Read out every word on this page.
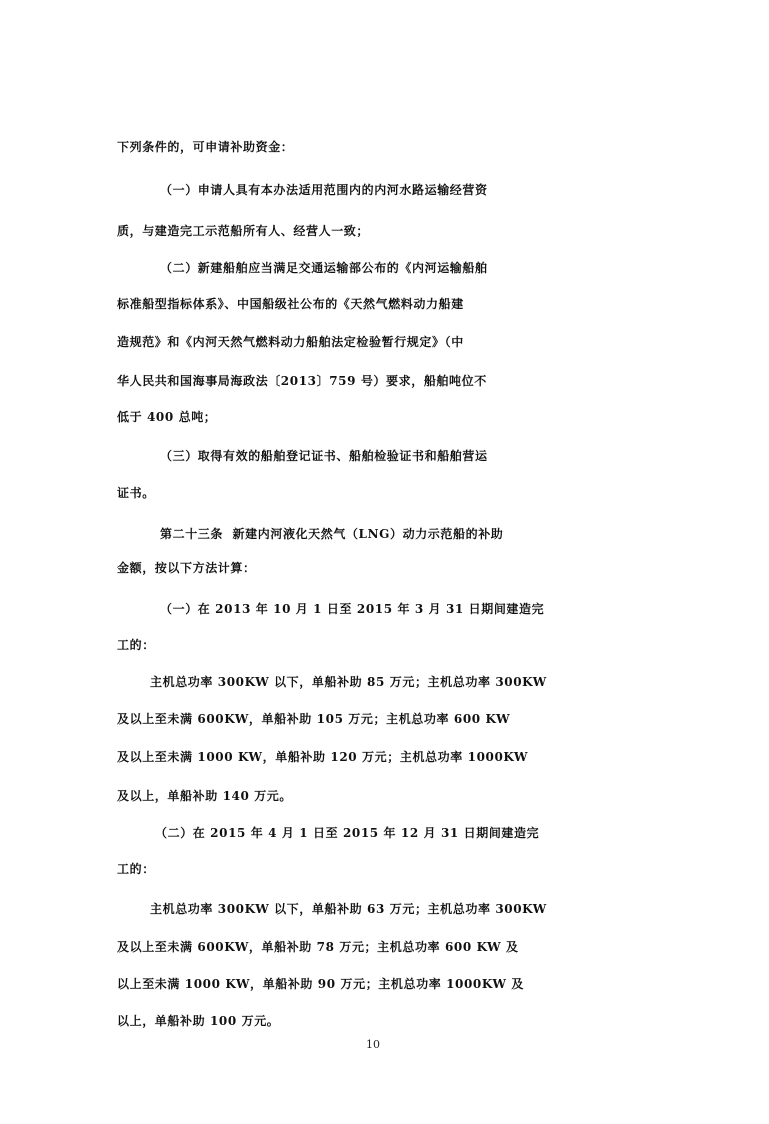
下列条件的，可申请补助资金：
（一）申请人具有本办法适用范围内的内河水路运输经营资
质，与建造完工示范船所有人、经营人一致；
（二）新建船舶应当满足交通运输部公布的《内河运输船舶
标准船型指标体系》、中国船级社公布的《天然气燃料动力船建
造规范》和《内河天然气燃料动力船舶法定检验暂行规定》（中
华人民共和国海事局海政法〔2013〕759 号）要求，船舶吨位不
低于 400 总吨；
（三）取得有效的船舶登记证书、船舶检验证书和船舶营运
证书。
第二十三条  新建内河液化天然气（LNG）动力示范船的补助
金额，按以下方法计算：
（一）在 2013 年 10 月 1 日至 2015 年 3 月 31 日期间建造完
工的：
主机总功率 300KW 以下，单船补助 85 万元；主机总功率 300KW
及以上至未满 600KW，单船补助 105 万元；主机总功率 600 KW
及以上至未满 1000 KW，单船补助 120 万元；主机总功率 1000KW
及以上，单船补助 140 万元。
（二）在 2015 年 4 月 1 日至 2015 年 12 月 31 日期间建造完
工的：
主机总功率 300KW 以下，单船补助 63 万元；主机总功率 300KW
及以上至未满 600KW，单船补助 78 万元；主机总功率 600 KW 及
以上至未满 1000 KW，单船补助 90 万元；主机总功率 1000KW 及
以上，单船补助 100 万元。
10
